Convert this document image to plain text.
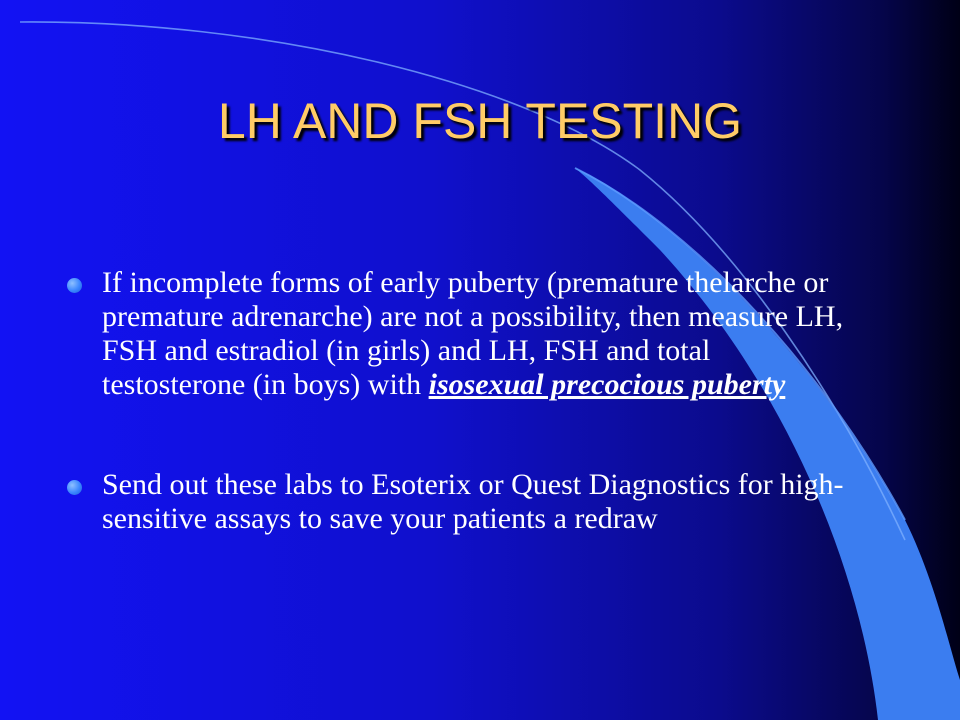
LH AND FSH TESTING
If incomplete forms of early puberty (premature thelarche or premature adrenarche) are not a possibility, then measure LH, FSH and estradiol (in girls) and LH, FSH and total testosterone (in boys) with isosexual precocious puberty
Send out these labs to Esoterix or Quest Diagnostics for high-sensitive assays to save your patients a redraw
